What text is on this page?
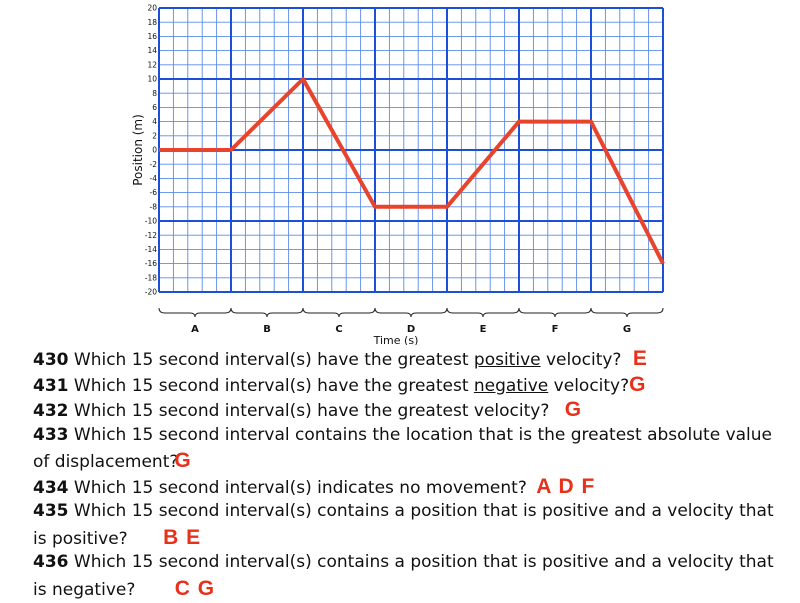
20
18
16
14
12
10
8
6
4
2
0
-2
-4
-6
-8
-10
-12
-14
-16
-18
-20
A	B	C	D	E	F	G
Position (m)
Time (s)
430 Which 15 second interval(s) have the greatest positive velocity? E
431 Which 15 second interval(s) have the greatest negative velocity?G
432 Which 15 second interval(s) have the greatest velocity? G
433 Which 15 second interval contains the location that is the greatest absolute value
of displacement?G
434 Which 15 second interval(s) indicates no movement? A D F
435 Which 15 second interval(s) contains a position that is positive and a velocity that
is positive? B E
436 Which 15 second interval(s) contains a position that is positive and a velocity that
is negative? C G
